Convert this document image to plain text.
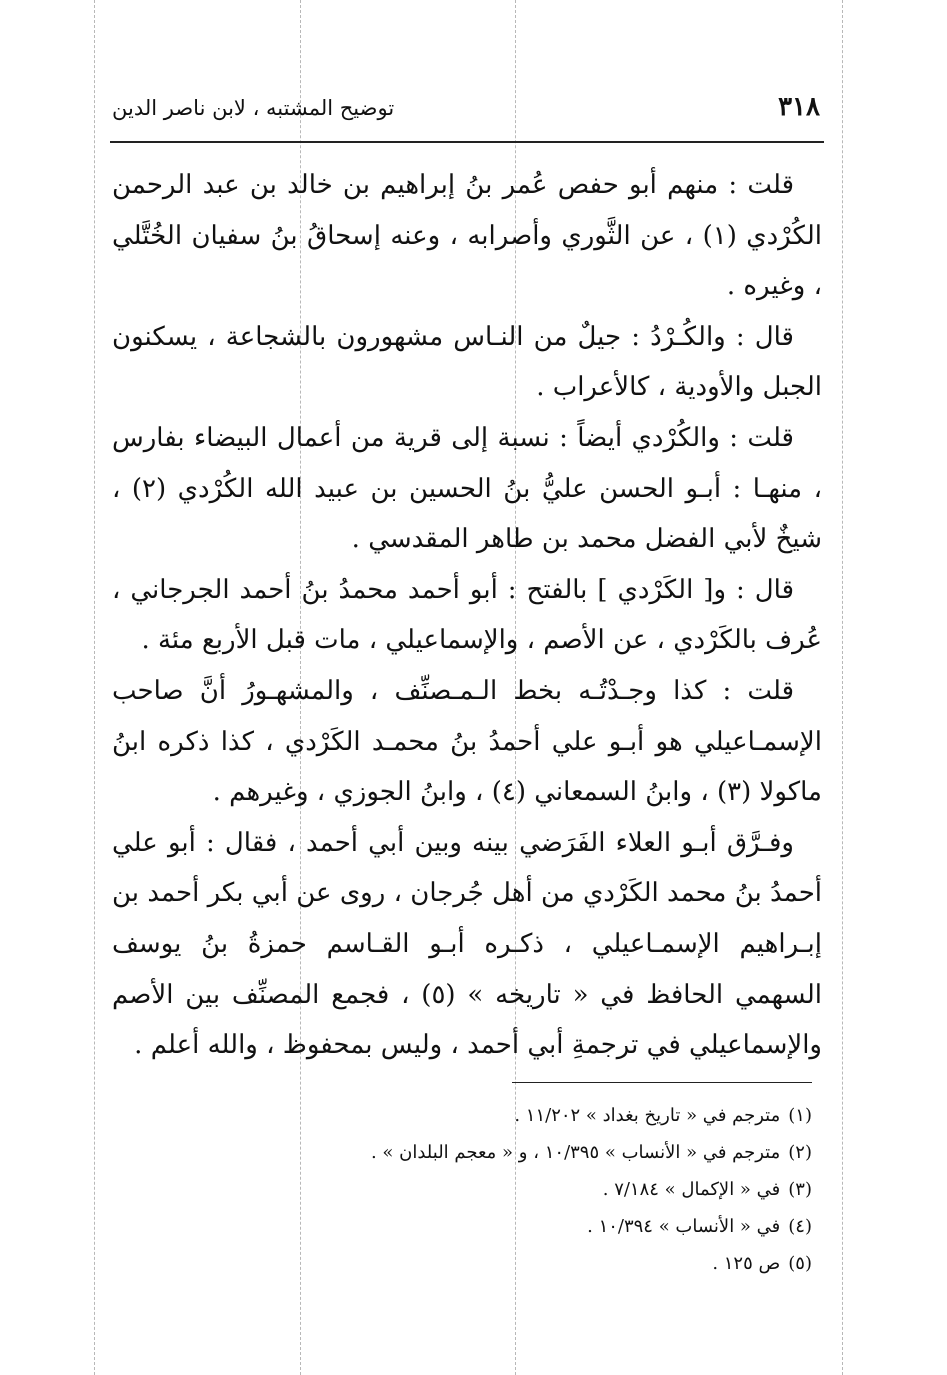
٣١٨
توضيح المشتبه ، لابن ناصر الدين

قلت : منهم أبو حفص عُمر بنُ إبراهيم بن خالد بن عبد الرحمن الكُرْدي (١) ، عن الثَّوري وأصرابه ، وعنه إسحاقُ بنُ سفيان الخُتَّلي ، وغيره .

قال : والكُـرْدُ : جيلٌ من النـاس مشهورون بالشجاعة ، يسكنون الجبل والأودية ، كالأعراب .

قلت : والكُرْدي أيضاً : نسبة إلى قرية من أعمال البيضاء بفارس ، منهـا : أبـو الحسن عليُّ بنُ الحسين بن عبيد الله الكُرْدي (٢) ، شيخٌ لأبي الفضل محمد بن طاهر المقدسي .

قال : و[ الكَرْدي ] بالفتح : أبو أحمد محمدُ بنُ أحمد الجرجاني ، عُرف بالكَرْدي ، عن الأصم ، والإسماعيلي ، مات قبل الأربع مئة .

قلت : كذا وجـدْتُـه بخط الـمـصنِّف ، والمشهـورُ أنَّ صاحب الإسمـاعيلي هو أبـو علي أحمدُ بنُ محمـد الكَرْدي ، كذا ذكره ابنُ ماكولا (٣) ، وابنُ السمعاني (٤) ، وابنُ الجوزي ، وغيرهم .

وفـرَّق أبـو العلاء الفَرَضي بينه وبين أبي أحمد ، فقال : أبو علي أحمدُ بنُ محمد الكَرْدي من أهل جُرجان ، روى عن أبي بكر أحمد بن إبـراهيم الإسمـاعيلي ، ذكـره أبـو القـاسم حمزةُ بنُ يوسف السهمي الحافظ في « تاريخه » (٥) ، فجمع المصنِّف بين الأصم والإسماعيلي في ترجمةِ أبي أحمد ، وليس بمحفوظ ، والله أعلم .

(١)مترجم في « تاريخ بغداد » ١١/٢٠٢ .
(٢)مترجم في « الأنساب » ١٠/٣٩٥ ، و « معجم البلدان » .
(٣)في « الإكمال » ٧/١٨٤ .
(٤)في « الأنساب » ١٠/٣٩٤ .
(٥)ص ١٢٥ .
